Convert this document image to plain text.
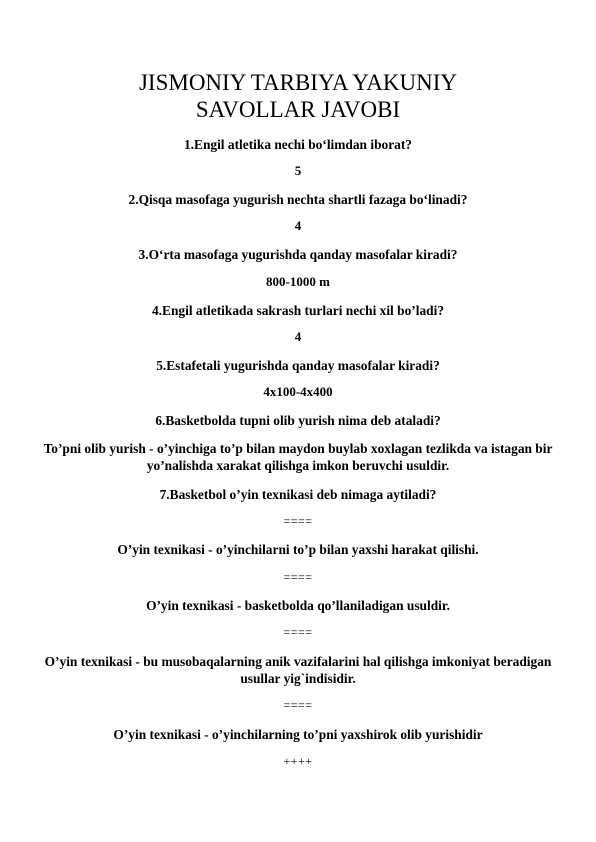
JISMONIY TARBIYA YAKUNIY
SAVOLLAR JAVOBI

1.Engil atletika nechi bo‘limdan iborat?

5

2.Qisqa masofaga yugurish nechta shartli fazaga bo‘linadi?

4

3.O‘rta masofaga yugurishda qanday masofalar kiradi?

800-1000 m

4.Engil atletikada sakrash turlari nechi xil bo’ladi?

4

5.Estafetali yugurishda qanday masofalar kiradi?

4x100-4x400

6.Basketbolda tupni olib yurish nima deb ataladi?

To’pni olib yurish - o’yinchiga to’p bilan maydon buylab xoxlagan tezlikda va istagan bir yo’nalishda xarakat qilishga imkon beruvchi usuldir.

7.Basketbol o’yin texnikasi deb nimaga aytiladi?

====

O’yin texnikasi - o’yinchilarni to’p bilan yaxshi harakat qilishi.

====

O’yin texnikasi - basketbolda qo’llaniladigan usuldir.

====

O’yin texnikasi - bu musobaqalarning anik vazifalarini hal qilishga imkoniyat beradigan usullar yig`indisidir.

====

O’yin texnikasi - o’yinchilarning to’pni yaxshirok olib yurishidir

++++
